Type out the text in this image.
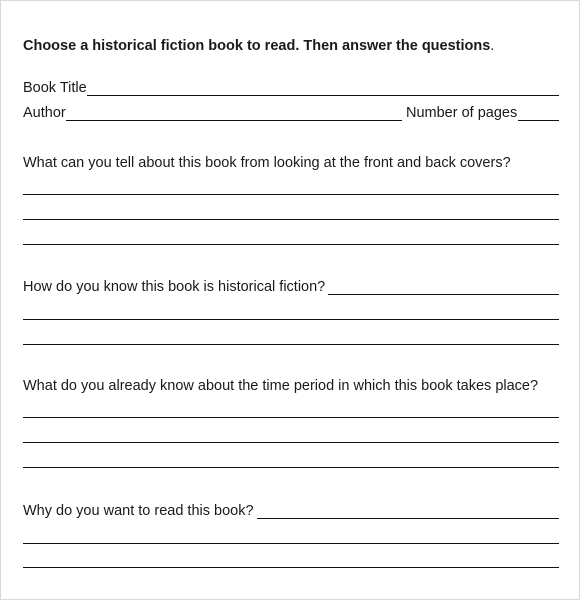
Choose a historical fiction book to read. Then answer the questions.
Book Title
Author	Number of pages
What can you tell about this book from looking at the front and back covers?
How do you know this book is historical fiction?
What do you already know about the time period in which this book takes place?
Why do you want to read this book?
